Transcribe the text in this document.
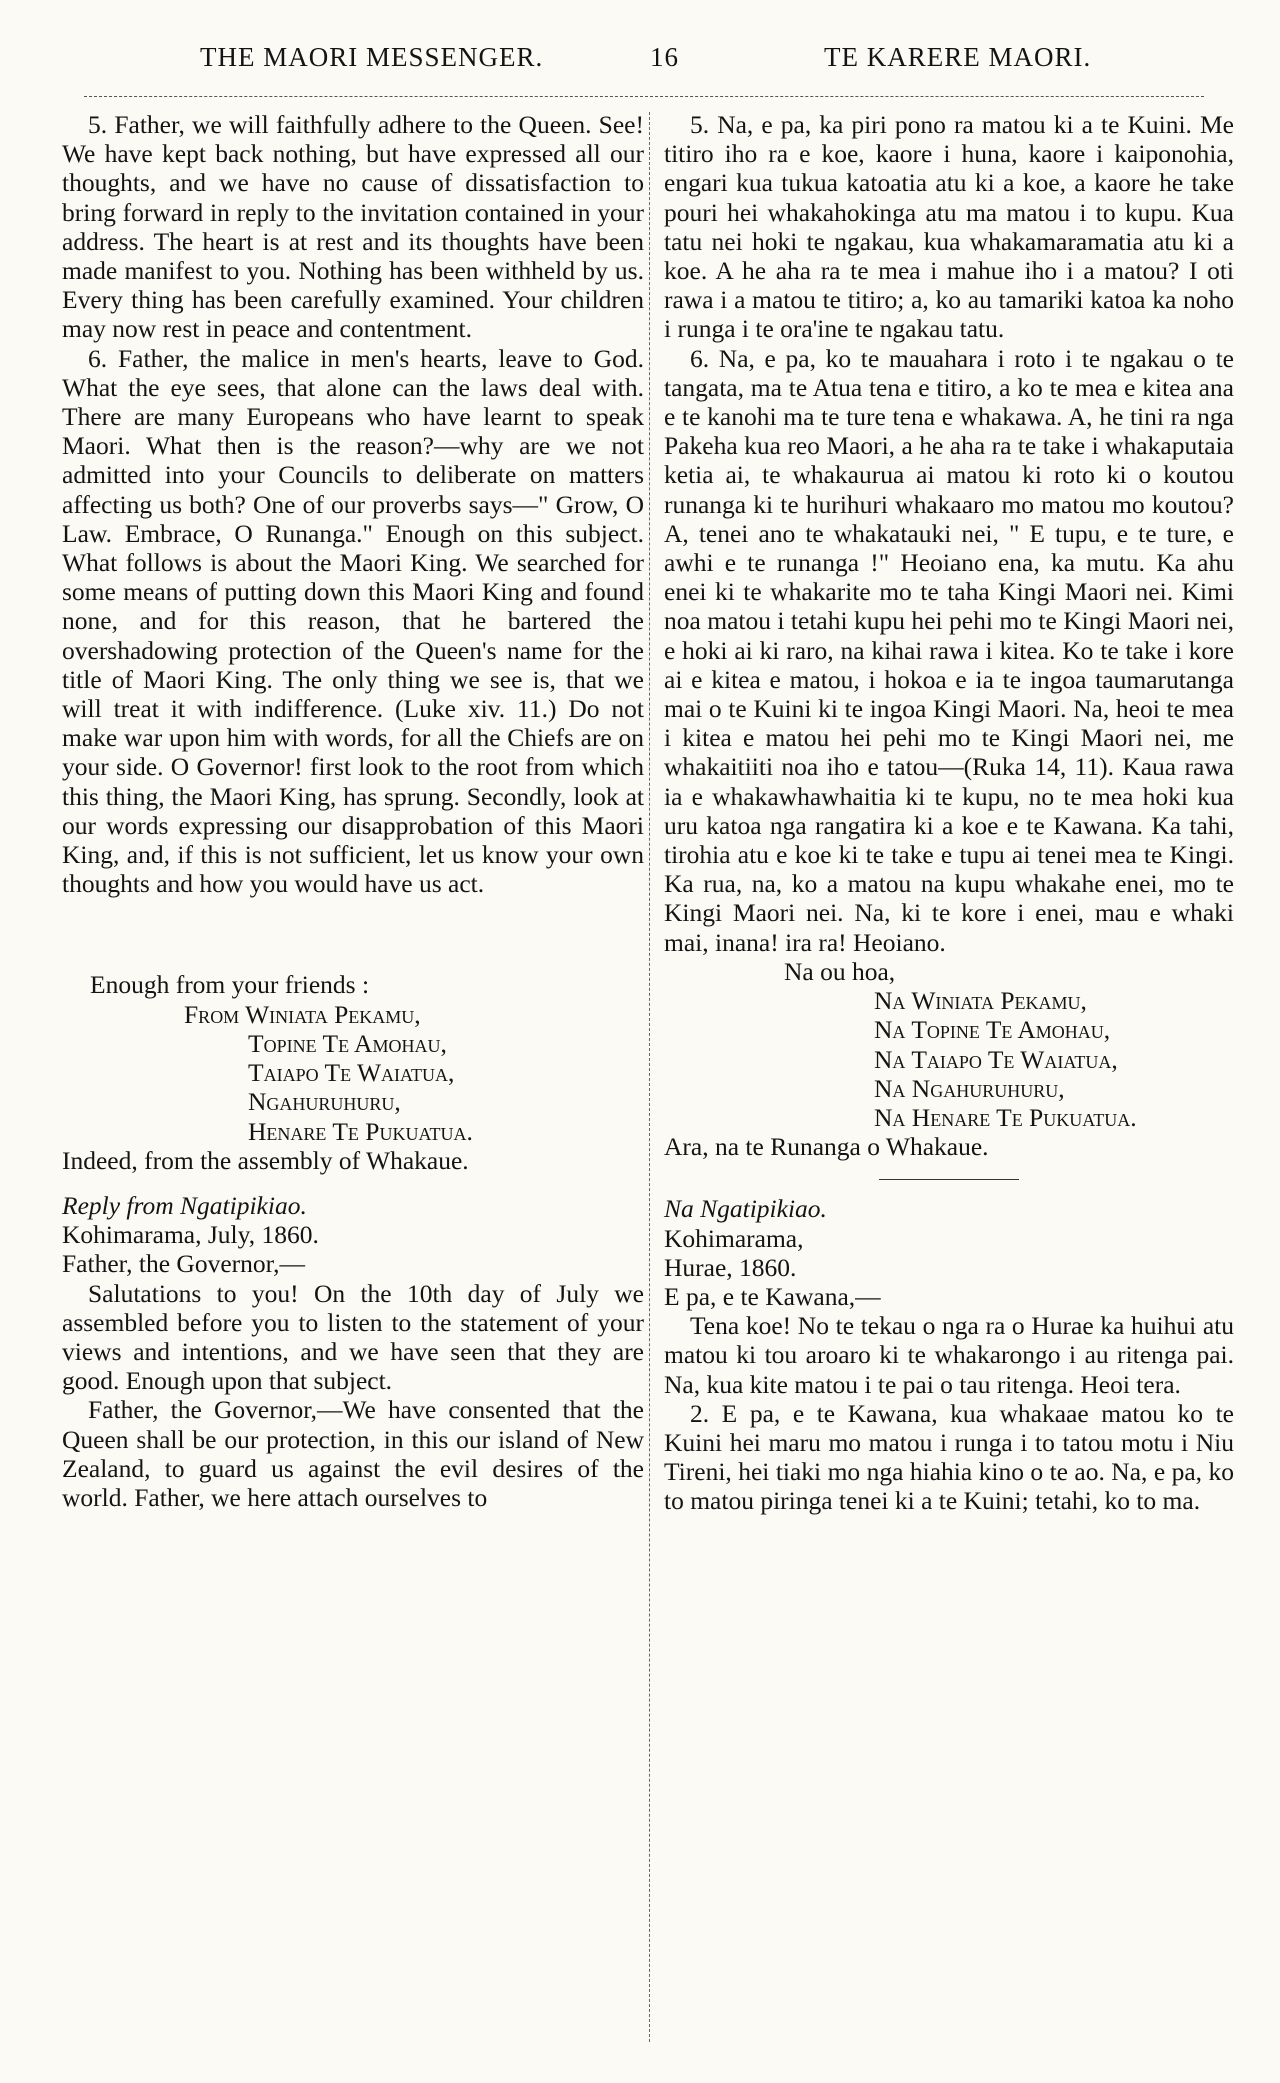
THE MAORI MESSENGER.	16	TE KARERE MAORI.

5. Father, we will faithfully adhere to the Queen. See! We have kept back nothing, but have expressed all our thoughts, and we have no cause of dissatisfaction to bring forward in reply to the invitation contained in your address. The heart is at rest and its thoughts have been made manifest to you. Nothing has been withheld by us. Every thing has been carefully examined. Your children may now rest in peace and contentment.

6. Father, the malice in men's hearts, leave to God. What the eye sees, that alone can the laws deal with. There are many Europeans who have learnt to speak Maori. What then is the reason?—why are we not admitted into your Councils to deliberate on matters affecting us both? One of our proverbs says—" Grow, O Law. Embrace, O Runanga." Enough on this subject. What follows is about the Maori King. We searched for some means of putting down this Maori King and found none, and for this reason, that he bartered the overshadowing protection of the Queen's name for the title of Maori King. The only thing we see is, that we will treat it with indifference. (Luke xiv. 11.) Do not make war upon him with words, for all the Chiefs are on your side. O Governor! first look to the root from which this thing, the Maori King, has sprung. Secondly, look at our words expressing our disapprobation of this Maori King, and, if this is not sufficient, let us know your own thoughts and how you would have us act.

Enough from your friends :

From Winiata Pekamu,
Topine Te Amohau,
Taiapo Te Waiatua,
Ngahuruhuru,
Henare Te Pukuatua.

Indeed, from the assembly of Whakaue.

Reply from Ngatipikiao.

Kohimarama, July, 1860.

Father, the Governor,—

Salutations to you! On the 10th day of July we assembled before you to listen to the statement of your views and intentions, and we have seen that they are good. Enough upon that subject.

Father, the Governor,—We have consented that the Queen shall be our protection, in this our island of New Zealand, to guard us against the evil desires of the world. Father, we here attach ourselves to

5. Na, e pa, ka piri pono ra matou ki a te Kuini. Me titiro iho ra e koe, kaore i huna, kaore i kaiponohia, engari kua tukua katoatia atu ki a koe, a kaore he take pouri hei whakahokinga atu ma matou i to kupu. Kua tatu nei hoki te ngakau, kua whakamaramatia atu ki a koe. A he aha ra te mea i mahue iho i a matou? I oti rawa i a matou te titiro; a, ko au tamariki katoa ka noho i runga i te ora'ine te ngakau tatu.

6. Na, e pa, ko te mauahara i roto i te ngakau o te tangata, ma te Atua tena e titiro, a ko te mea e kitea ana e te kanohi ma te ture tena e whakawa. A, he tini ra nga Pakeha kua reo Maori, a he aha ra te take i whakaputaia ketia ai, te whakaurua ai matou ki roto ki o koutou runanga ki te hurihuri whakaaro mo matou mo koutou? A, tenei ano te whakatauki nei, " E tupu, e te ture, e awhi e te runanga !" Heoiano ena, ka mutu. Ka ahu enei ki te whakarite mo te taha Kingi Maori nei. Kimi noa matou i tetahi kupu hei pehi mo te Kingi Maori nei, e hoki ai ki raro, na kihai rawa i kitea. Ko te take i kore ai e kitea e matou, i hokoa e ia te ingoa taumarutanga mai o te Kuini ki te ingoa Kingi Maori. Na, heoi te mea i kitea e matou hei pehi mo te Kingi Maori nei, me whakaitiiti noa iho e tatou—(Ruka 14, 11). Kaua rawa ia e whakawhawhaitia ki te kupu, no te mea hoki kua uru katoa nga rangatira ki a koe e te Kawana. Ka tahi, tirohia atu e koe ki te take e tupu ai tenei mea te Kingi. Ka rua, na, ko a matou na kupu whakahe enei, mo te Kingi Maori nei. Na, ki te kore i enei, mau e whaki mai, inana! ira ra! Heoiano.

Na ou hoa,

Na Winiata Pekamu,
Na Topine Te Amohau,
Na Taiapo Te Waiatua,
Na Ngahuruhuru,
Na Henare Te Pukuatua.

Ara, na te Runanga o Whakaue.

Na Ngatipikiao.

Kohimarama,

Hurae, 1860.

E pa, e te Kawana,—

Tena koe! No te tekau o nga ra o Hurae ka huihui atu matou ki tou aroaro ki te whakarongo i au ritenga pai. Na, kua kite matou i te pai o tau ritenga. Heoi tera.

2. E pa, e te Kawana, kua whakaae matou ko te Kuini hei maru mo matou i runga i to tatou motu i Niu Tireni, hei tiaki mo nga hiahia kino o te ao. Na, e pa, ko to matou piringa tenei ki a te Kuini; tetahi, ko to ma.
